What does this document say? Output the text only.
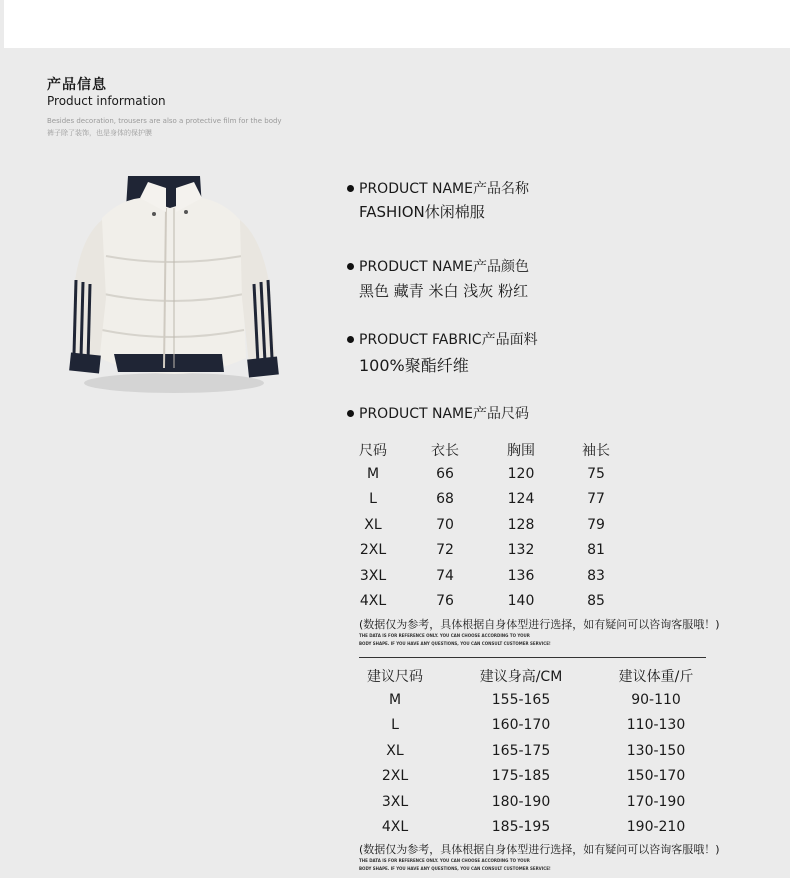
产品信息
Product information
Besides decoration, trousers are also a protective film for the body
裤子除了装饰，也是身体的保护膜
PRODUCT NAME产品名称
FASHION休闲棉服
PRODUCT NAME产品颜色
黑色 藏青 米白 浅灰 粉红
PRODUCT FABRIC产品面料
100%聚酯纤维
PRODUCT NAME产品尺码
尺码	衣长	胸围	袖长
M	66	120	75
L	68	124	77
XL	70	128	79
2XL	72	132	81
3XL	74	136	83
4XL	76	140	85
(数据仅为参考，具体根据自身体型进行选择，如有疑问可以咨询客服哦！)
THE DATA IS FOR REFERENCE ONLY. YOU CAN CHOOSE ACCORDING TO YOUR
BODY SHAPE. IF YOU HAVE ANY QUESTIONS, YOU CAN CONSULT CUSTOMER SERVICE!
建议尺码	建议身高/CM	建议体重/斤
M	155-165	90-110
L	160-170	110-130
XL	165-175	130-150
2XL	175-185	150-170
3XL	180-190	170-190
4XL	185-195	190-210
(数据仅为参考，具体根据自身体型进行选择，如有疑问可以咨询客服哦！)
THE DATA IS FOR REFERENCE ONLY. YOU CAN CHOOSE ACCORDING TO YOUR
BODY SHAPE. IF YOU HAVE ANY QUESTIONS, YOU CAN CONSULT CUSTOMER SERVICE!
